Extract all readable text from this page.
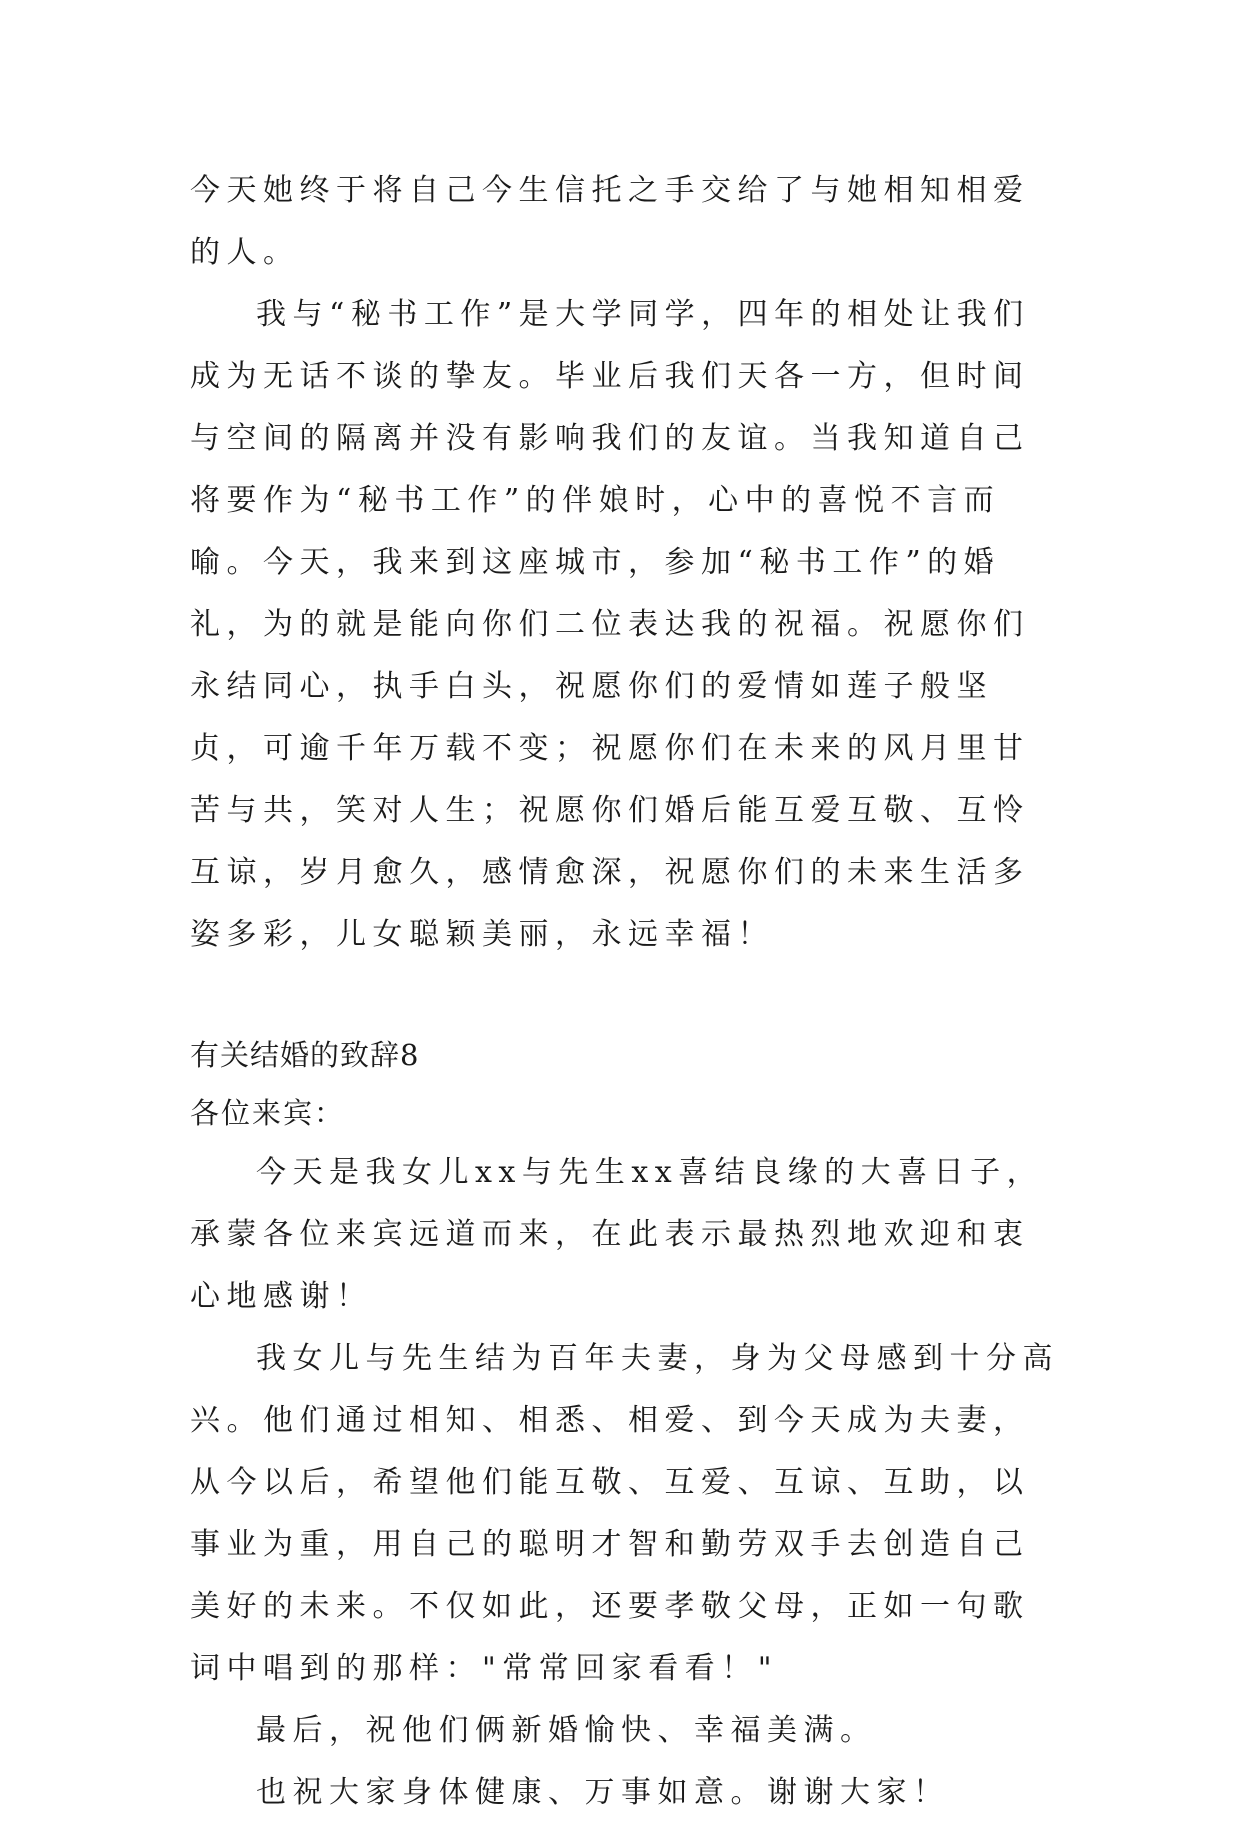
今天她终于将自己今生信托之手交给了与她相知相爱的人。

我与“秘书工作”是大学同学，四年的相处让我们成为无话不谈的挚友。毕业后我们天各一方，但时间与空间的隔离并没有影响我们的友谊。当我知道自己将要作为“秘书工作”的伴娘时，心中的喜悦不言而喻。今天，我来到这座城市，参加“秘书工作”的婚礼，为的就是能向你们二位表达我的祝福。祝愿你们永结同心，执手白头，祝愿你们的爱情如莲子般坚贞，可逾千年万载不变；祝愿你们在未来的风月里甘苦与共，笑对人生；祝愿你们婚后能互爱互敬、互怜互谅，岁月愈久，感情愈深，祝愿你们的未来生活多姿多彩，儿女聪颖美丽，永远幸福！

有关结婚的致辞8

各位来宾：

今天是我女儿xx与先生xx喜结良缘的大喜日子，承蒙各位来宾远道而来，在此表示最热烈地欢迎和衷心地感谢！

我女儿与先生结为百年夫妻，身为父母感到十分高兴。他们通过相知、相悉、相爱、到今天成为夫妻，从今以后，希望他们能互敬、互爱、互谅、互助，以事业为重，用自己的聪明才智和勤劳双手去创造自己美好的未来。不仅如此，还要孝敬父母，正如一句歌词中唱到的那样："常常回家看看！"

最后，祝他们俩新婚愉快、幸福美满。

也祝大家身体健康、万事如意。谢谢大家！
